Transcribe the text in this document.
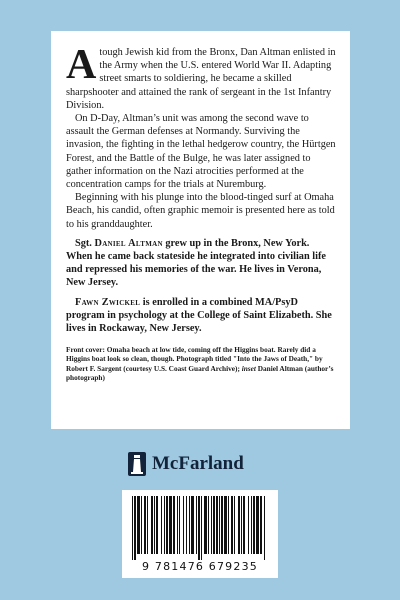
Atough Jewish kid from the Bronx, Dan Altman enlisted in the Army when the U.S. entered World War II. Adapting street smarts to soldiering, he became a skilled sharpshooter and attained the rank of sergeant in the 1st Infantry Division.

On D-Day, Altman’s unit was among the second wave to assault the German defenses at Normandy. Surviving the invasion, the fighting in the lethal hedgerow country, the Hürtgen Forest, and the Battle of the Bulge, he was later assigned to gather information on the Nazi atrocities performed at the concentration camps for the trials at Nuremburg.

Beginning with his plunge into the blood-tinged surf at Omaha Beach, his candid, often graphic memoir is presented here as told to his granddaughter.

Sgt. Daniel Altman grew up in the Bronx, New York. When he came back stateside he integrated into civilian life and repressed his memories of the war. He lives in Verona, New Jersey.

Fawn Zwickel is enrolled in a combined MA/PsyD program in psychology at the College of Saint Elizabeth. She lives in Rockaway, New Jersey.

Front cover: Omaha beach at low tide, coming off the Higgins boat. Rarely did a Higgins boat look so clean, though. Photograph titled "Into the Jaws of Death," by Robert F. Sargent (courtesy U.S. Coast Guard Archive); inset Daniel Altman (author’s photograph)

McFarland
9 781476 679235
